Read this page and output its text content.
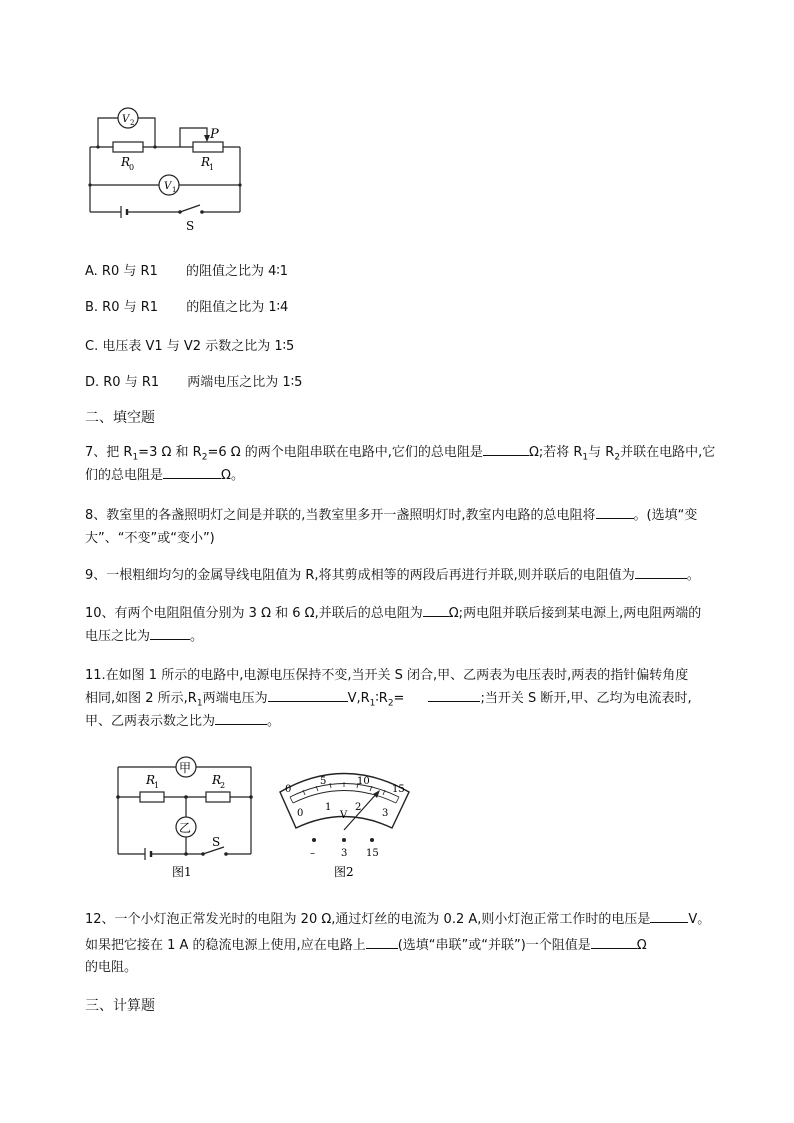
V 2
V 1
R
0	R
1
P
S
A. R0 与 R1 的阻值之比为 4∶1
B. R0 与 R1 的阻值之比为 1∶4
C. 电压表 V1 与 V2 示数之比为 1∶5
D. R0 与 R1 两端电压之比为 1∶5
二、填空题
7、把 $R_1=3$ Ω 和 $R_2=6$ Ω 的两个电阻串联在电路中,它们的总电阻是	Ω;若将 $R_1$与 $R_2$并联在电路中,它
们的总电阻是	Ω。
8、教室里的各盏照明灯之间是并联的,当教室里多开一盏照明灯时,教室内电路的总电阻将	。(选填“变
大”、“不变”或“变小”)
9、一根粗细均匀的金属导线电阻值为 R,将其剪成相等的两段后再进行并联,则并联后的电阻值为	。
10、有两个电阻阻值分别为 3 Ω 和 6 Ω,并联后的总电阻为 Ω;两电阻并联后接到某电源上,两电阻两端的
电压之比为	。
11.在如图 1 所示的电路中,电源电压保持不变,当开关 S 闭合,甲、乙两表为电压表时,两表的指针偏转角度
相同,如图 2 所示$,R_1$两端电压为	$V,R_1∶R_2=$	;当开关 S 断开,甲、乙均为电流表时,
甲、乙两表示数之比为	。
甲
乙
R
1	R
2
S
图1
0
5	10
15
0
1 2
3
V
–	3 15
图2
12、一个小灯泡正常发光时的电阻为 20 Ω,通过灯丝的电流为 0.2 A,则小灯泡正常工作时的电压是	V。
如果把它接在 1 A 的稳流电源上使用,应在电路上 (选填“串联”或“并联”)一个阻值是	Ω
的电阻。
三、计算题
